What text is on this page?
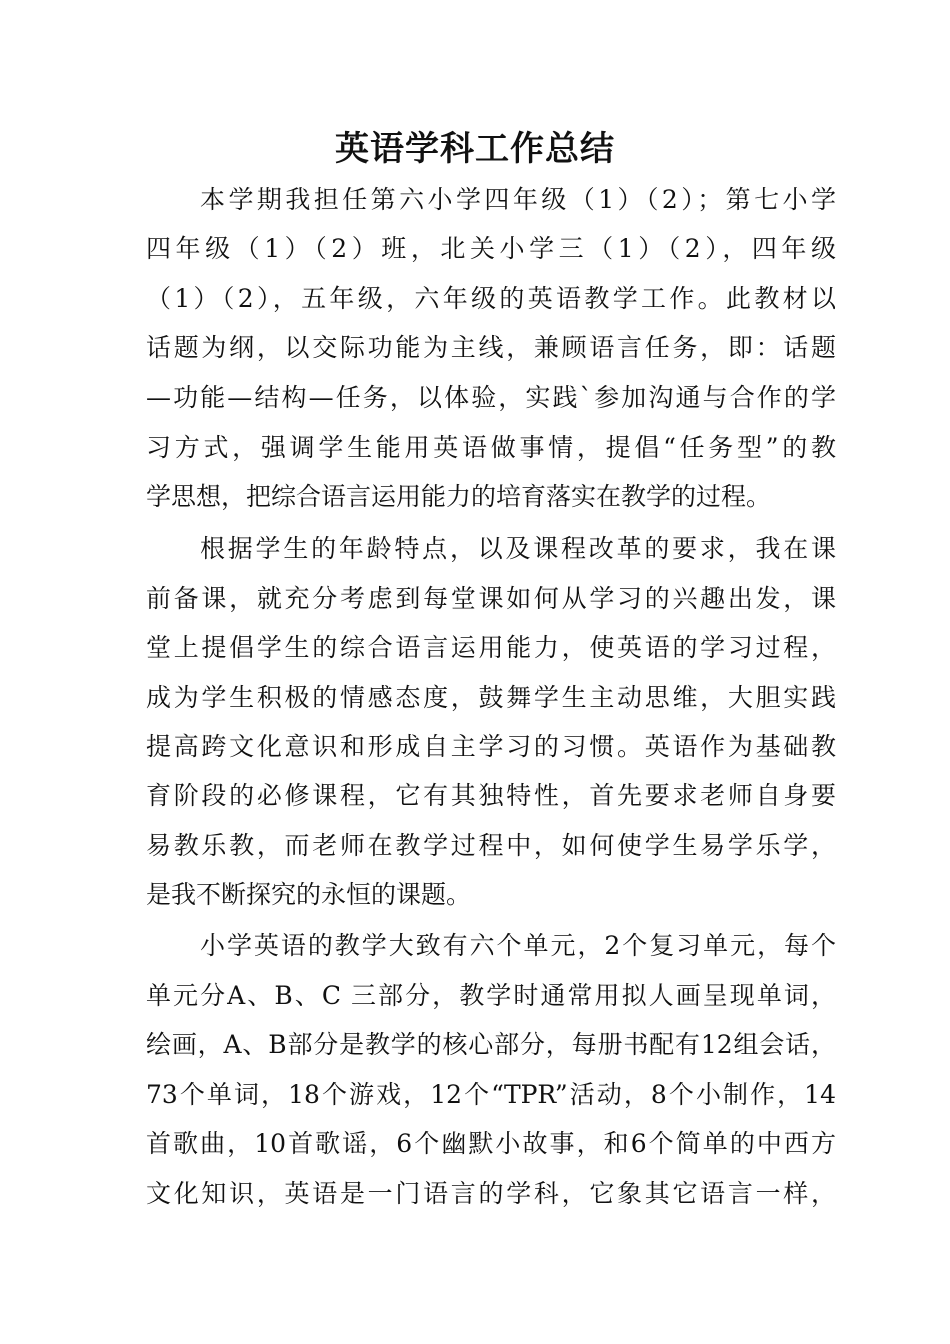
英语学科工作总结
本学期我担任第六小学四年级（1）（2）；第七小学
四年级（1）（2）班，北关小学三（1）（2），四年级
（1）（2），五年级，六年级的英语教学工作。此教材以
话题为纲，以交际功能为主线，兼顾语言任务，即：话题
—功能—结构—任务，以体验，实践`参加沟通与合作的学
习方式，强调学生能用英语做事情，提倡“任务型”的教
学思想，把综合语言运用能力的培育落实在教学的过程。
根据学生的年龄特点，以及课程改革的要求，我在课
前备课，就充分考虑到每堂课如何从学习的兴趣出发，课
堂上提倡学生的综合语言运用能力，使英语的学习过程，
成为学生积极的情感态度，鼓舞学生主动思维，大胆实践
提高跨文化意识和形成自主学习的习惯。英语作为基础教
育阶段的必修课程，它有其独特性，首先要求老师自身要
易教乐教，而老师在教学过程中，如何使学生易学乐学，
是我不断探究的永恒的课题。
小学英语的教学大致有六个单元，2个复习单元，每个
单元分A、B、C 三部分，教学时通常用拟人画呈现单词，
绘画，A、B部分是教学的核心部分，每册书配有12组会话，
73个单词，18个游戏，12个“TPR”活动，8个小制作，14
首歌曲，10首歌谣，6个幽默小故事，和6个简单的中西方
文化知识，英语是一门语言的学科，它象其它语言一样，
